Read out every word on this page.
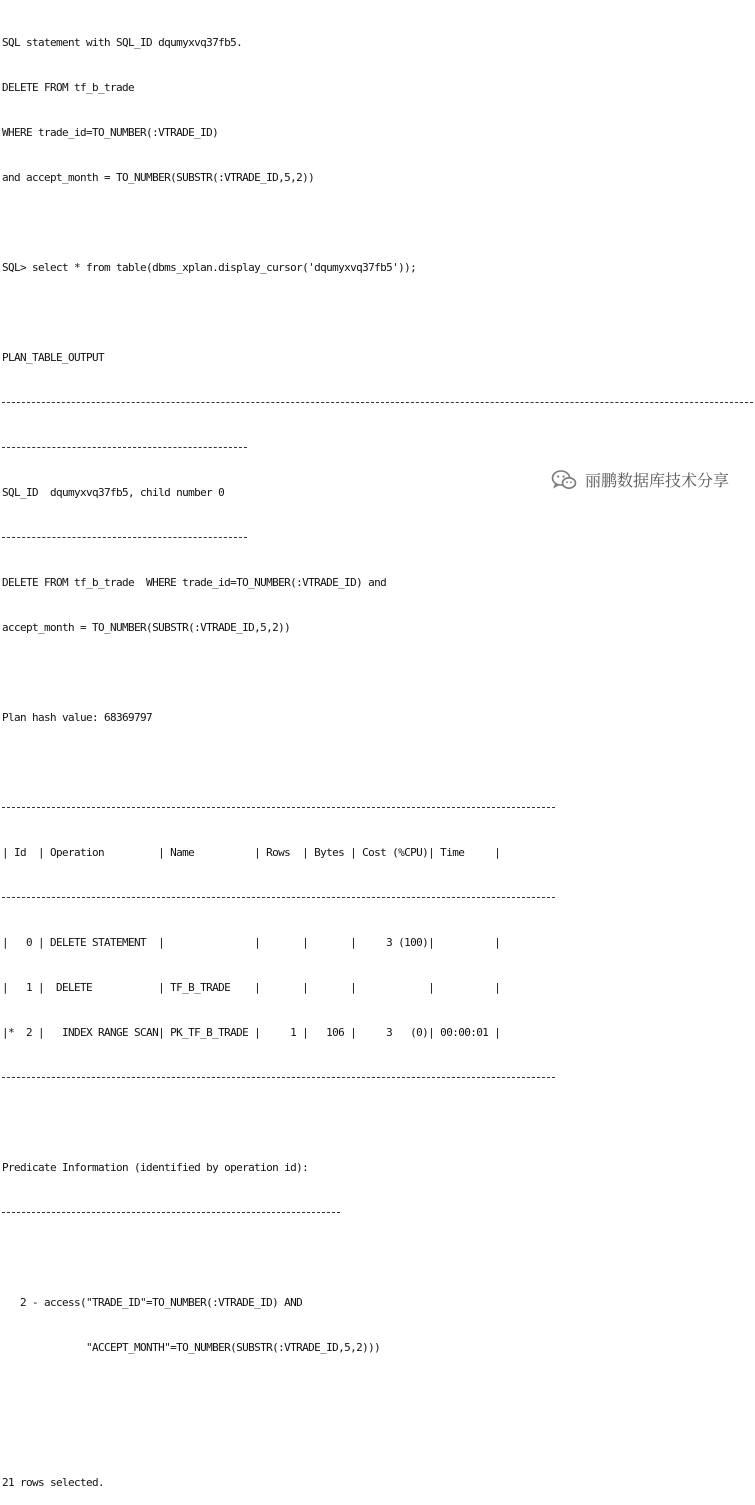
SQL statement with SQL_ID dqumyxvq37fb5.

DELETE FROM tf_b_trade

WHERE trade_id=TO_NUMBER(:VTRADE_ID)

and accept_month = TO_NUMBER(SUBSTR(:VTRADE_ID,5,2))

SQL> select * from table(dbms_xplan.display_cursor('dqumyxvq37fb5'));

PLAN_TABLE_OUTPUT

SQL_ID  dqumyxvq37fb5, child number 0

DELETE FROM tf_b_trade  WHERE trade_id=TO_NUMBER(:VTRADE_ID) and

accept_month = TO_NUMBER(SUBSTR(:VTRADE_ID,5,2))

Plan hash value: 68369797

| Id  | Operation         | Name          | Rows  | Bytes | Cost (%CPU)| Time     |

|   0 | DELETE STATEMENT  |               |       |       |     3 (100)|          |

|   1 |  DELETE           | TF_B_TRADE    |       |       |            |          |

|*  2 |   INDEX RANGE SCAN| PK_TF_B_TRADE |     1 |   106 |     3   (0)| 00:00:01 |

Predicate Information (identified by operation id):

2 - access("TRADE_ID"=TO_NUMBER(:VTRADE_ID) AND

"ACCEPT_MONTH"=TO_NUMBER(SUBSTR(:VTRADE_ID,5,2)))

21 rows selected.

丽鹏数据库技术分享
